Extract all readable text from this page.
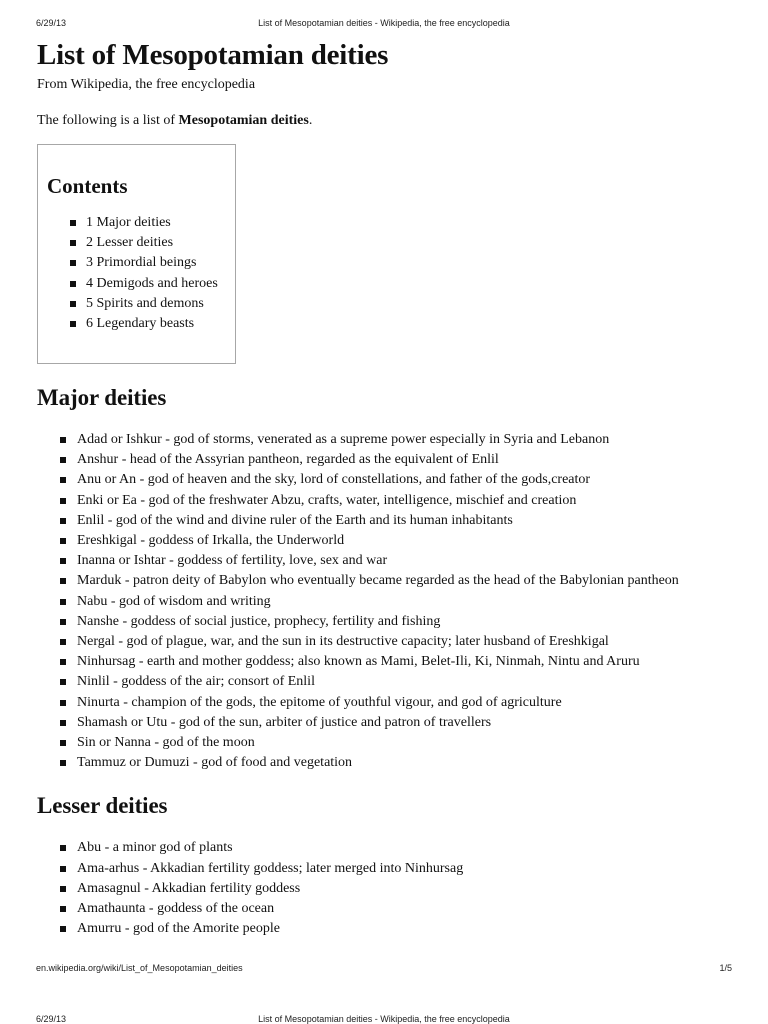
6/29/13	List of Mesopotamian deities - Wikipedia, the free encyclopedia
List of Mesopotamian deities
From Wikipedia, the free encyclopedia
The following is a list of Mesopotamian deities.
Contents
1 Major deities
2 Lesser deities
3 Primordial beings
4 Demigods and heroes
5 Spirits and demons
6 Legendary beasts
Major deities
Adad or Ishkur - god of storms, venerated as a supreme power especially in Syria and Lebanon
Anshur - head of the Assyrian pantheon, regarded as the equivalent of Enlil
Anu or An - god of heaven and the sky, lord of constellations, and father of the gods,creator
Enki or Ea - god of the freshwater Abzu, crafts, water, intelligence, mischief and creation
Enlil - god of the wind and divine ruler of the Earth and its human inhabitants
Ereshkigal - goddess of Irkalla, the Underworld
Inanna or Ishtar - goddess of fertility, love, sex and war
Marduk - patron deity of Babylon who eventually became regarded as the head of the Babylonian pantheon
Nabu - god of wisdom and writing
Nanshe - goddess of social justice, prophecy, fertility and fishing
Nergal - god of plague, war, and the sun in its destructive capacity; later husband of Ereshkigal
Ninhursag - earth and mother goddess; also known as Mami, Belet-Ili, Ki, Ninmah, Nintu and Aruru
Ninlil - goddess of the air; consort of Enlil
Ninurta - champion of the gods, the epitome of youthful vigour, and god of agriculture
Shamash or Utu - god of the sun, arbiter of justice and patron of travellers
Sin or Nanna - god of the moon
Tammuz or Dumuzi - god of food and vegetation
Lesser deities
Abu - a minor god of plants
Ama-arhus - Akkadian fertility goddess; later merged into Ninhursag
Amasagnul - Akkadian fertility goddess
Amathaunta - goddess of the ocean
Amurru - god of the Amorite people
en.wikipedia.org/wiki/List_of_Mesopotamian_deities	1/5
6/29/13	List of Mesopotamian deities - Wikipedia, the free encyclopedia
